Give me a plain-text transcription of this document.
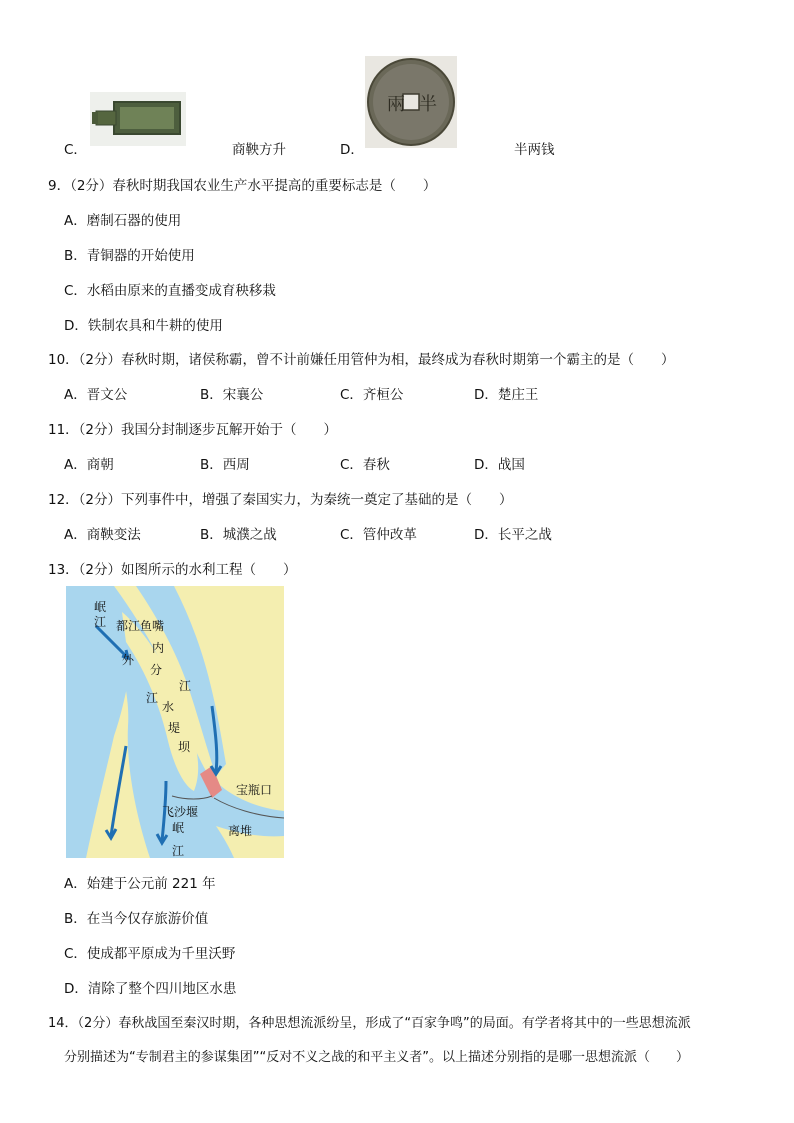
C．	商鞅方升	D．
兩 半
半两钱
9．（2分）春秋时期我国农业生产水平提高的重要标志是（　　）
A．磨制石器的使用
B．青铜器的开始使用
C．水稻由原来的直播变成育秧移栽
D．铁制农具和牛耕的使用
10．（2分）春秋时期，诸侯称霸，曾不计前嫌任用管仲为相，最终成为春秋时期第一个霸主的是（　　）
A．晋文公	B．宋襄公	C．齐桓公	D．楚庄王
11．（2分）我国分封制逐步瓦解开始于（　　）
A．商朝	B．西周	C．春秋	D．战国
12．（2分）下列事件中，增强了秦国实力，为秦统一奠定了基础的是（　　）
A．商鞅变法	B．城濮之战	C．管仲改革	D．长平之战
13．（2分）如图所示的水利工程（　　）
岷
江 都江鱼嘴
内
分
江
外
江
水
堤
坝
宝瓶口
飞沙堰
离堆
岷
江
A．始建于公元前 221 年
B．在当今仅存旅游价值
C．使成都平原成为千里沃野
D．清除了整个四川地区水患
14．（2分）春秋战国至秦汉时期，各种思想流派纷呈，形成了“百家争鸣”的局面。有学者将其中的一些思想流派
分别描述为“专制君主的参谋集团”“反对不义之战的和平主义者”。以上描述分别指的是哪一思想流派（　　）
